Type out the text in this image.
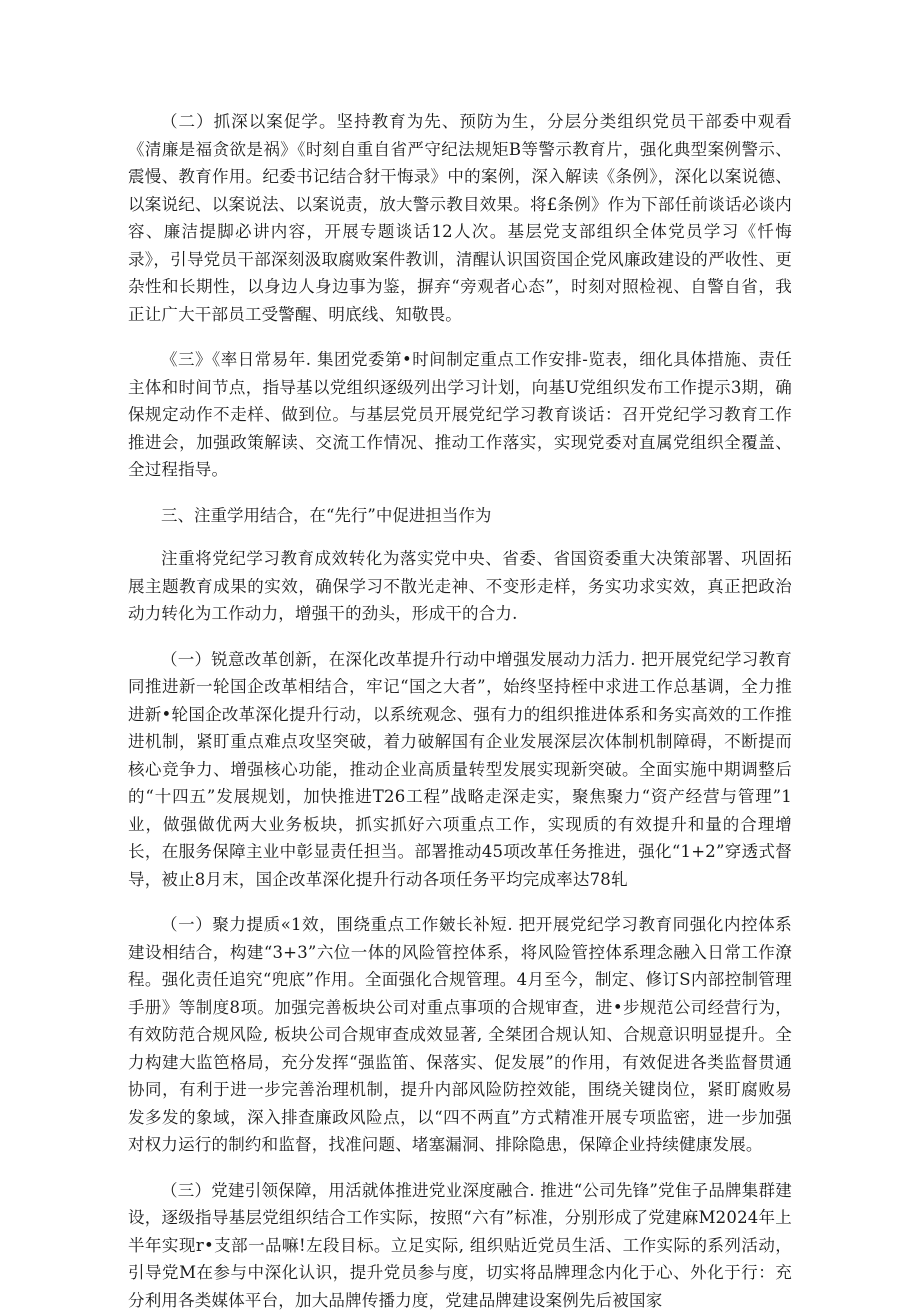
（二）抓深以案促学。坚持教育为先、预防为生，分层分类组织党员干部委中观看《清廉是福贪欲是祸》《时刻自重自省严守纪法规矩B等警示教育片，强化典型案例警示、震慢、教育作用。纪委书记结合豺干悔录》中的案例，深入解读《条例》，深化以案说德、以案说纪、以案说法、以案说责，放大警示教目效果。将£条例》作为下部任前谈话必谈内容、廉洁提脚必讲内容，开展专题谈话12人次。基层党支部组织全体党员学习《忏悔录》，引导党员干部深刻汲取腐败案件教训，清醒认识国资国企党风廉政建设的严收性、更杂性和长期性，以身边人身边事为鉴，摒弃“旁观者心态”，时刻对照检视、自警自省，我正让广大干部员工受警醒、明底线、知敬畏。

《三》《率日常易年. 集团党委第•时间制定重点工作安排-览表，细化具体措施、责任主体和时间节点，指导基以党组织逐级列出学习计划，向基U党组织发布工作提示3期，确保规定动作不走样、做到位。与基层党员开展党纪学习教育谈话：召开党纪学习教育工作推进会，加强政策解读、交流工作情况、推动工作落实，实现党委对直属党组织全覆盖、全过程指导。

三、注重学用结合，在“先行”中促进担当作为

注重将党纪学习教育成效转化为落实党中央、省委、省国资委重大决策部署、巩固拓展主题教育成果的实效，确保学习不散光走神、不变形走样，务实功求实效，真正把政治动力转化为工作动力，增强干的劲头，形成干的合力.

（一）锐意改革创新，在深化改革提升行动中增强发展动力活力. 把开展党纪学习教育同推进新一轮国企改革相结合，牢记“国之大者”，始终坚持桎中求进工作总基调，全力推进新•轮国企改革深化提升行动，以系统观念、强有力的组织推进体系和务实高效的工作推进机制，紧盯重点难点攻坚突破，着力破解国有企业发展深层次体制机制障碍，不断提而核心竞争力、增强核心功能，推动企业高质量转型发展实现新突破。全面实施中期调整后的“十四五”发展规划，加快推进T26工程”战略走深走实，聚焦聚力“资产经营与管理”1业，做强做优两大业务板块，抓实抓好六项重点工作，实现质的有效提升和量的合理增长，在服务保障主业中彰显责任担当。部署推动45项改革任务推进，强化“1+2”穿透式督导，被止8月末，国企改革深化提升行动各项任务平均完成率达78轧

（一）聚力提质«1效，围绕重点工作皴长补短. 把开展党纪学习教育同强化内控体系建设相结合，构建“3+3”六位一体的风险管控体系，将风险管控体系理念融入日常工作潦程。强化责任追究“兜底”作用。全面强化合规管理。4月至今，制定、修订S内部控制管理手册》等制度8项。加强完善板块公司对重点事项的合规审查，进•步规范公司经营行为，有效防范合规风险, 板块公司合规审查成效显著, 全桀团合规认知、合规意识明显提升。全力构建大监笆格局，充分发挥“强监笛、保落实、促发展”的作用，有效促进各类监督贯通协同，有利于进一步完善治理机制，提升内部风险防控效能，围绕关键岗位，紧盯腐败易发多发的象域，深入排查廉政风险点，以“四不两直”方式精准开展专项监密，进一步加强对权力运行的制约和监督，找准问题、堵塞漏洞、排除隐患，保障企业持续健康发展。

（三）党建引领保障，用活就体推进党业深度融合. 推进“公司先锋”党隹子品牌集群建设，逐级指导基层党组织结合工作实际，按照“六有”标准，分别形成了党建麻M2024年上半年实现r•支部一品嘛!左段目标。立足实际, 组织贴近党员生活、工作实际的系列活动，引导党M在参与中深化认识，提升党员参与度，切实将品牌理念内化于心、外化于行：充分利用各类媒体平台，加大品牌传播力度，党建品牌建设案例先后被国家
